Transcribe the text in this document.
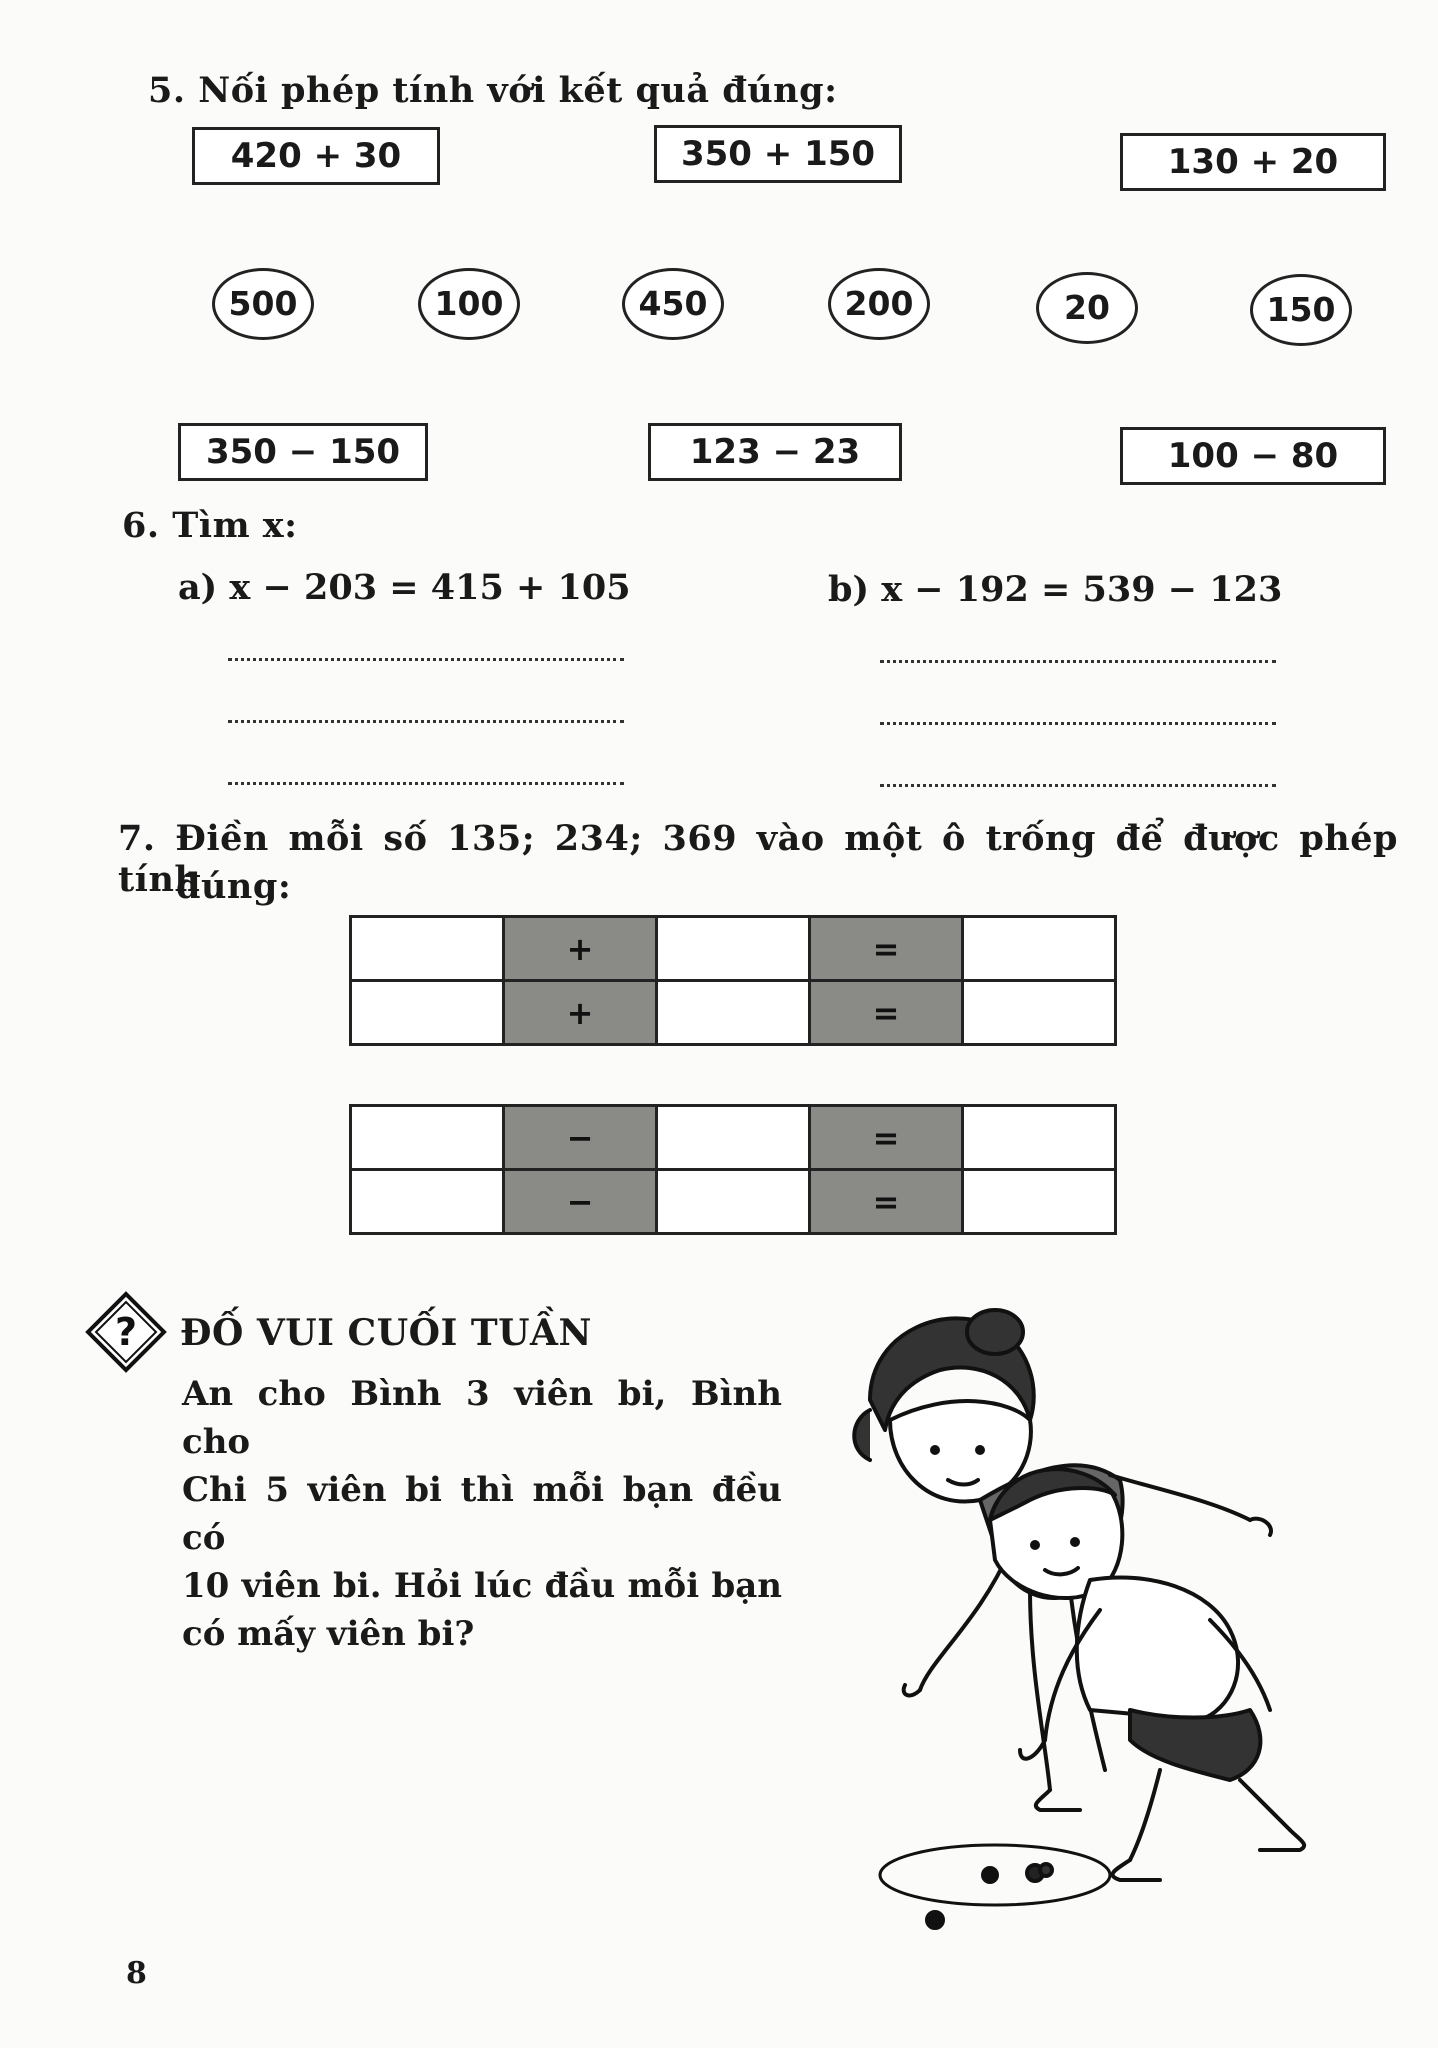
5. Nối phép tính với kết quả đúng:
420 + 30	350 + 150	130 + 20
500	100	450	200	20	150
350 − 150	123 − 23	100 − 80
6. Tìm x:
a) x − 203 = 415 + 105	b) x − 192 = 539 − 123
7. Điền mỗi số 135; 234; 369 vào một ô trống để được phép tính
đúng:
	+		=	
	+		=	
	−		=	
	−		=	
? ĐỐ VUI CUỐI TUẦN
An cho Bình 3 viên bi, Bình cho
Chi 5 viên bi thì mỗi bạn đều có
10 viên bi. Hỏi lúc đầu mỗi bạn
có mấy viên bi?
8
